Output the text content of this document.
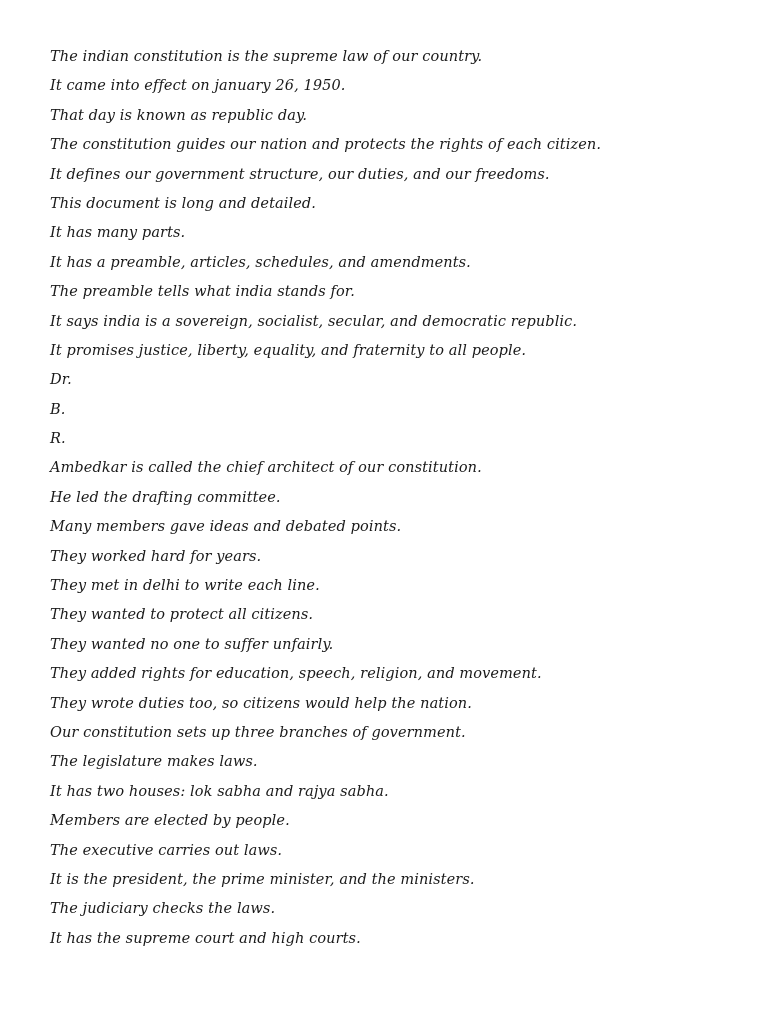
The indian constitution is the supreme law of our country.
It came into effect on january 26, 1950.
That day is known as republic day.
The constitution guides our nation and protects the rights of each citizen.
It defines our government structure, our duties, and our freedoms.
This document is long and detailed.
It has many parts.
It has a preamble, articles, schedules, and amendments.
The preamble tells what india stands for.
It says india is a sovereign, socialist, secular, and democratic republic.
It promises justice, liberty, equality, and fraternity to all people.
Dr.
B.
R.
Ambedkar is called the chief architect of our constitution.
He led the drafting committee.
Many members gave ideas and debated points.
They worked hard for years.
They met in delhi to write each line.
They wanted to protect all citizens.
They wanted no one to suffer unfairly.
They added rights for education, speech, religion, and movement.
They wrote duties too, so citizens would help the nation.
Our constitution sets up three branches of government.
The legislature makes laws.
It has two houses: lok sabha and rajya sabha.
Members are elected by people.
The executive carries out laws.
It is the president, the prime minister, and the ministers.
The judiciary checks the laws.
It has the supreme court and high courts.
